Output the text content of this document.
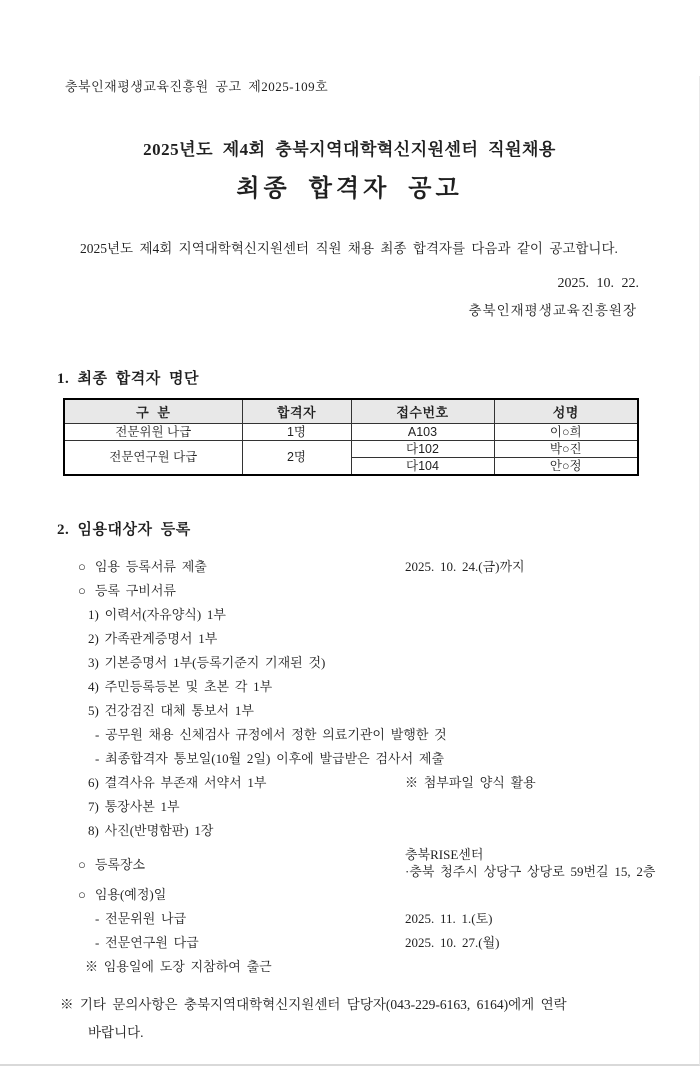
충북인재평생교육진흥원 공고 제2025-109호
2025년도 제4회 충북지역대학혁신지원센터 직원채용
최종 합격자 공고
2025년도 제4회 지역대학혁신지원센터 직원 채용 최종 합격자를 다음과 같이 공고합니다.
2025. 10. 22.
충북인재평생교육진흥원장
1. 최종 합격자 명단
구  분	합격자	접수번호	성명
전문위원 나급	1명	A103	이○희
전문연구원 다급	2명	다102	박○진
		다104	안○정
2. 임용대상자 등록
○ 임용 등록서류 제출	2025. 10. 24.(금)까지
○ 등록 구비서류
1) 이력서(자유양식) 1부
2) 가족관계증명서 1부
3) 기본증명서 1부(등록기준지 기재된 것)
4) 주민등록등본 및 초본 각 1부
5) 건강검진 대체 통보서 1부
- 공무원 채용 신체검사 규정에서 정한 의료기관이 발행한 것
- 최종합격자 통보일(10월 2일) 이후에 발급받은 검사서 제출
6) 결격사유 부존재 서약서 1부	※ 첨부파일 양식 활용
7) 통장사본 1부
8) 사진(반명함판) 1장
○ 등록장소
충북RISE센터
·충북 청주시 상당구 상당로 59번길 15, 2층
○ 임용(예정)일
- 전문위원 나급	2025. 11. 1.(토)
- 전문연구원 다급	2025. 10. 27.(월)
※ 임용일에 도장 지참하여 출근
※ 기타 문의사항은 충북지역대학혁신지원센터 담당자(043-229-6163, 6164)에게 연락
바랍니다.
